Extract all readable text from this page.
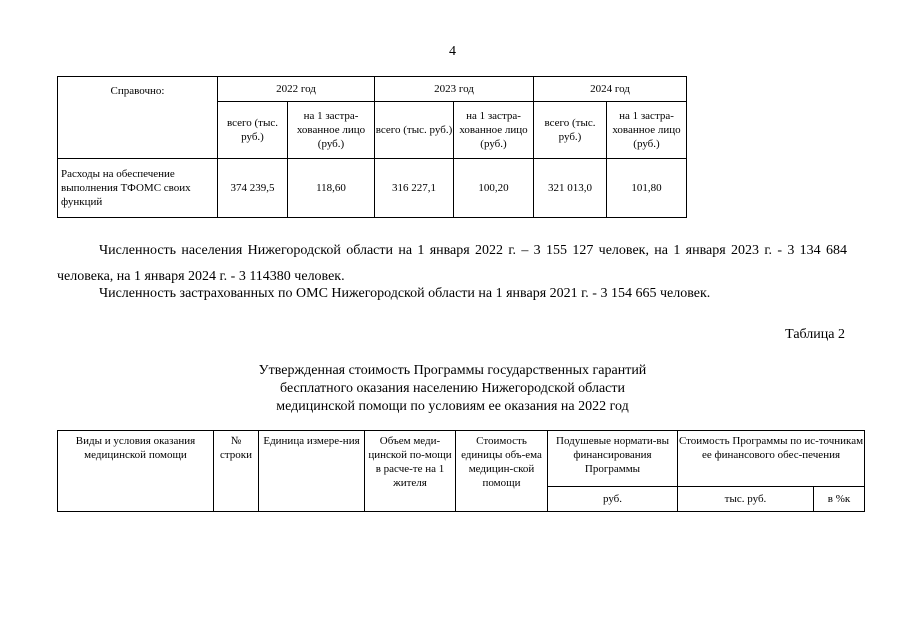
4
Справочно:	2022 год		2023 год		2024 год	
	всего (тыс. руб.)	на 1 застра-хованное лицо (руб.)	всего (тыс. руб.)	на 1 застра-хованное лицо (руб.)	всего (тыс. руб.)	на 1 застра-хованное лицо (руб.)
Расходы на обеспечение выполнения ТФОМС своих функций	374 239,5	118,60	316 227,1	100,20	321 013,0	101,80
Численность населения Нижегородской области на 1 января 2022 г. – 3 155 127 человек, на 1 января 2023 г. - 3 134 684 человека, на 1 января 2024 г. - 3 114380 человек.
Численность застрахованных по ОМС Нижегородской области на 1 января 2021 г. - 3 154 665 человек.
Таблица 2
Утвержденная стоимость Программы государственных гарантий
бесплатного оказания населению Нижегородской области
медицинской помощи по условиям ее оказания на 2022 год
Виды и условия оказания медицинской помощи	№ строки	Единица измере-ния	Объем меди-цинской по-мощи в расче-те на 1 жителя	Стоимость единицы объ-ема медицин-ской помощи	Подушевые нормати-вы финансирования Программы	Стоимость Программы по ис-точникам ее финансового обес-печения	
					руб.	тыс. руб.	в %к
